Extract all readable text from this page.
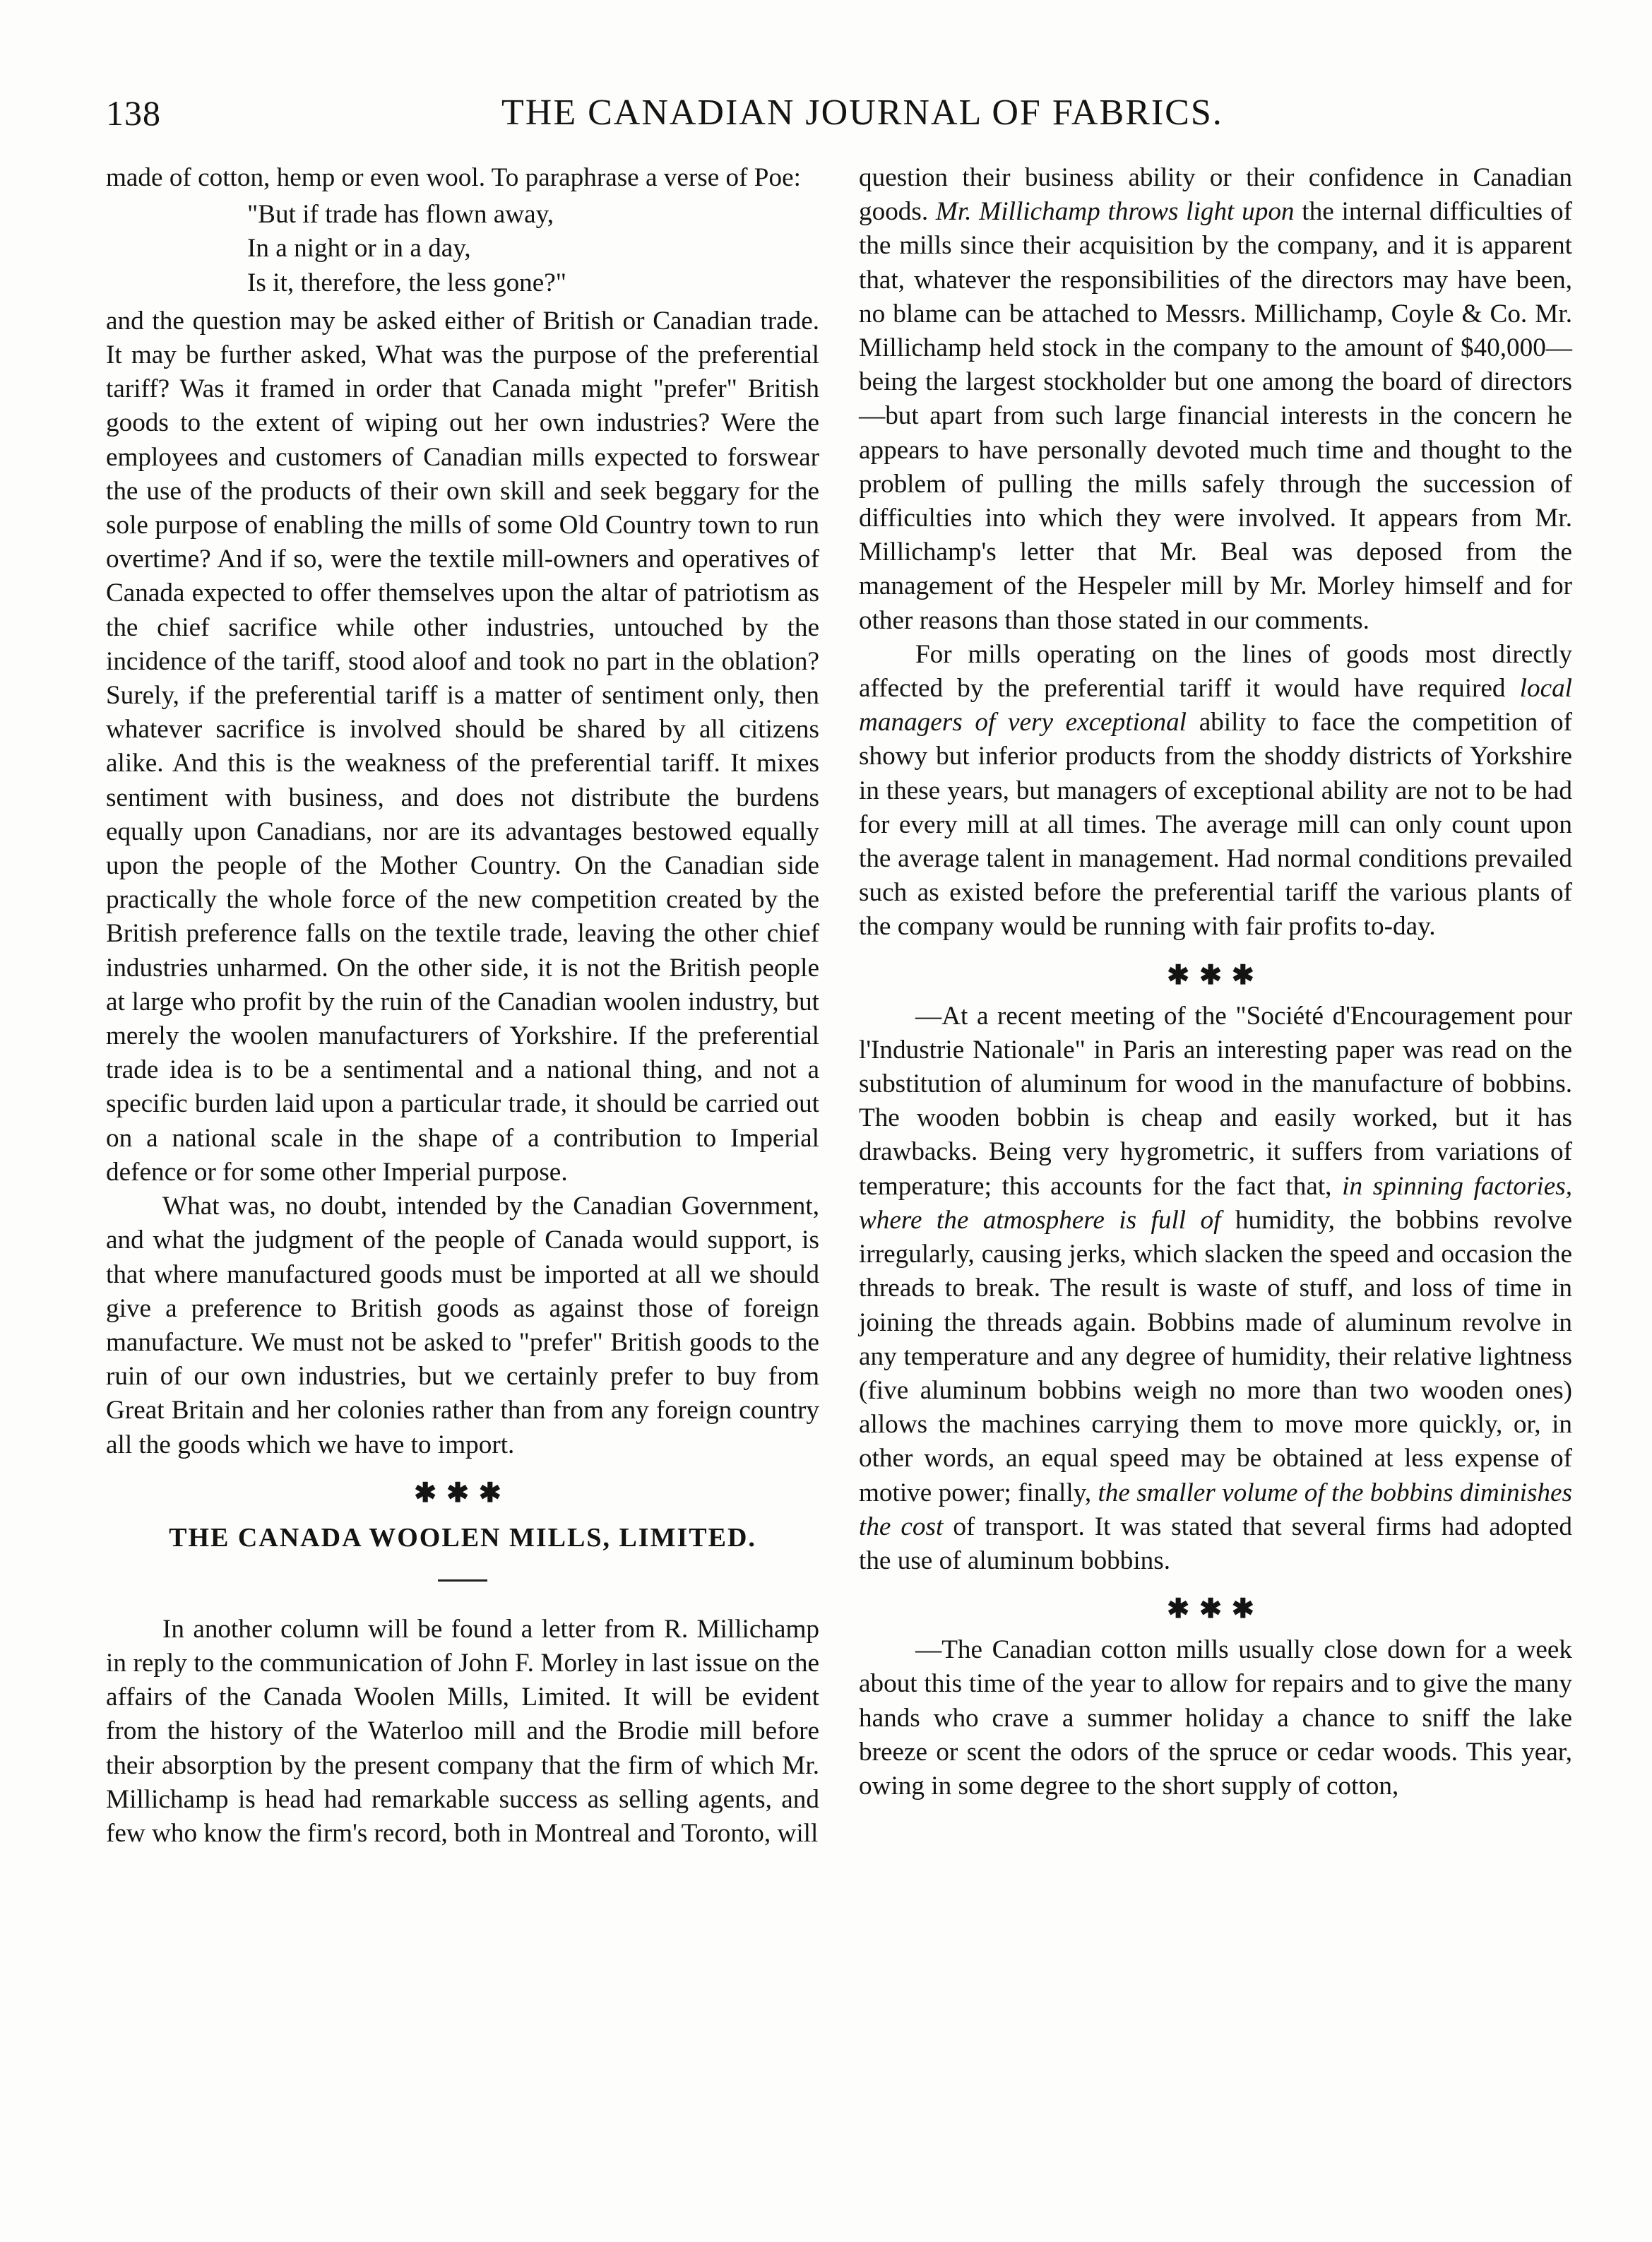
138	THE CANADIAN JOURNAL OF FABRICS.

made of cotton, hemp or even wool. To paraphrase a verse of Poe:

"But if trade has flown away,
In a night or in a day,
Is it, therefore, the less gone?"

and the question may be asked either of British or Canadian trade. It may be further asked, What was the purpose of the preferential tariff? Was it framed in order that Canada might "prefer" British goods to the extent of wiping out her own industries? Were the employees and customers of Canadian mills expected to forswear the use of the products of their own skill and seek beggary for the sole purpose of enabling the mills of some Old Country town to run overtime? And if so, were the textile mill-owners and operatives of Canada expected to offer themselves upon the altar of patriotism as the chief sacrifice while other industries, untouched by the incidence of the tariff, stood aloof and took no part in the oblation? Surely, if the preferential tariff is a matter of sentiment only, then whatever sacrifice is involved should be shared by all citizens alike. And this is the weakness of the preferential tariff. It mixes sentiment with business, and does not distribute the burdens equally upon Canadians, nor are its advantages bestowed equally upon the people of the Mother Country. On the Canadian side practically the whole force of the new competition created by the British preference falls on the textile trade, leaving the other chief industries unharmed. On the other side, it is not the British people at large who profit by the ruin of the Canadian woolen industry, but merely the woolen manufacturers of Yorkshire. If the preferential trade idea is to be a sentimental and a national thing, and not a specific burden laid upon a particular trade, it should be carried out on a national scale in the shape of a contribution to Imperial defence or for some other Imperial purpose.

What was, no doubt, intended by the Canadian Government, and what the judgment of the people of Canada would support, is that where manufactured goods must be imported at all we should give a preference to British goods as against those of foreign manufacture. We must not be asked to "prefer" British goods to the ruin of our own industries, but we certainly prefer to buy from Great Britain and her colonies rather than from any foreign country all the goods which we have to import.

✱✱✱

THE CANADA WOOLEN MILLS, LIMITED.

In another column will be found a letter from R. Millichamp in reply to the communication of John F. Morley in last issue on the affairs of the Canada Woolen Mills, Limited. It will be evident from the history of the Waterloo mill and the Brodie mill before their absorption by the present company that the firm of which Mr. Millichamp is head had remarkable success as selling agents, and few who know the firm's record, both in Montreal and Toronto, will

question their business ability or their confidence in Canadian goods. Mr. Millichamp throws light upon the internal difficulties of the mills since their acquisition by the company, and it is apparent that, whatever the responsibilities of the directors may have been, no blame can be attached to Messrs. Millichamp, Coyle & Co. Mr. Millichamp held stock in the company to the amount of $40,000—being the largest stockholder but one among the board of directors—but apart from such large financial interests in the concern he appears to have personally devoted much time and thought to the problem of pulling the mills safely through the succession of difficulties into which they were involved. It appears from Mr. Millichamp's letter that Mr. Beal was deposed from the management of the Hespeler mill by Mr. Morley himself and for other reasons than those stated in our comments.

For mills operating on the lines of goods most directly affected by the preferential tariff it would have required local managers of very exceptional ability to face the competition of showy but inferior products from the shoddy districts of Yorkshire in these years, but managers of exceptional ability are not to be had for every mill at all times. The average mill can only count upon the average talent in management. Had normal conditions prevailed such as existed before the preferential tariff the various plants of the company would be running with fair profits to-day.

✱✱✱

—At a recent meeting of the "Société d'Encouragement pour l'Industrie Nationale" in Paris an interesting paper was read on the substitution of aluminum for wood in the manufacture of bobbins. The wooden bobbin is cheap and easily worked, but it has drawbacks. Being very hygrometric, it suffers from variations of temperature; this accounts for the fact that, in spinning factories, where the atmosphere is full of humidity, the bobbins revolve irregularly, causing jerks, which slacken the speed and occasion the threads to break. The result is waste of stuff, and loss of time in joining the threads again. Bobbins made of aluminum revolve in any temperature and any degree of humidity, their relative lightness (five aluminum bobbins weigh no more than two wooden ones) allows the machines carrying them to move more quickly, or, in other words, an equal speed may be obtained at less expense of motive power; finally, the smaller volume of the bobbins diminishes the cost of transport. It was stated that several firms had adopted the use of aluminum bobbins.

✱✱✱

—The Canadian cotton mills usually close down for a week about this time of the year to allow for repairs and to give the many hands who crave a summer holiday a chance to sniff the lake breeze or scent the odors of the spruce or cedar woods. This year, owing in some degree to the short supply of cotton,
